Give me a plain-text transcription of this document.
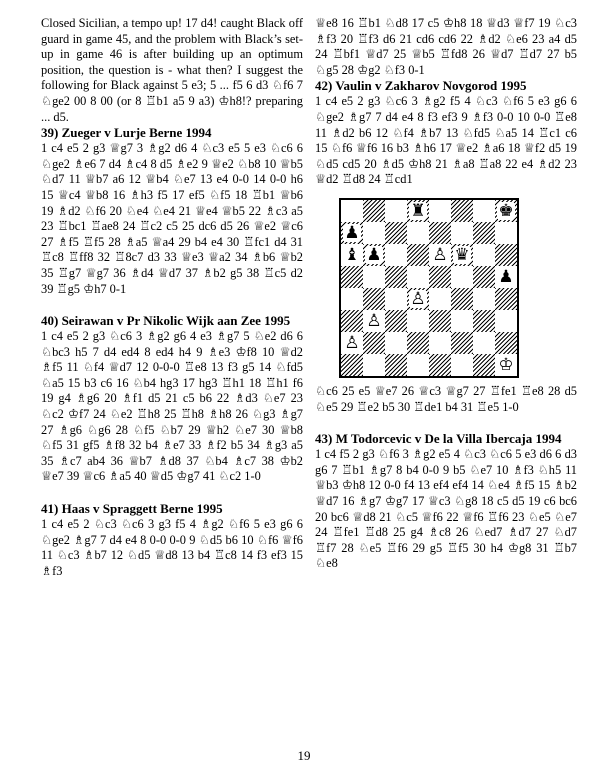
Closed Sicilian, a tempo up! 17 d4! caught Black off guard in game 45, and the problem with Black’s set-up in game 46 is after building up an optimum position, the question is - what then? I suggest the following for Black against 5 e3; 5 ... f5 6 d3 ♘f6 7 ♘ge2 00 8 00 (or 8 ♖b1 a5 9 a3) ♔h8!? preparing ... d5.

39) Zueger v Lurje Berne 1994

1 c4 e5 2 g3 ♕g7 3 ♗g2 d6 4 ♘c3 e5 5 e3 ♘c6 6 ♘ge2 ♗e6 7 d4 ♗c4 8 d5 ♗e2 9 ♕e2 ♘b8 10 ♕b5 ♘d7 11 ♕b7 a6 12 ♕b4 ♘e7 13 e4 0-0 14 0-0 h6 15 ♕c4 ♕b8 16 ♗h3 f5 17 ef5 ♘f5 18 ♖b1 ♕b6 19 ♗d2 ♘f6 20 ♘e4 ♘e4 21 ♕e4 ♕b5 22 ♗c3 a5 23 ♖bc1 ♖ae8 24 ♖c2 c5 25 dc6 d5 26 ♕e2 ♕c6 27 ♗f5 ♖f5 28 ♗a5 ♕a4 29 b4 e4 30 ♖fc1 d4 31 ♖c8 ♖ff8 32 ♖8c7 d3 33 ♕e3 ♕a2 34 ♗b6 ♕b2 35 ♖g7 ♕g7 36 ♗d4 ♕d7 37 ♗b2 g5 38 ♖c5 d2 39 ♖g5 ♔h7 0-1

40) Seirawan v Pr Nikolic Wijk aan Zee 1995

1 c4 e5 2 g3 ♘c6 3 ♗g2 g6 4 e3 ♗g7 5 ♘e2 d6 6 ♘bc3 h5 7 d4 ed4 8 ed4 h4 9 ♗e3 ♔f8 10 ♕d2 ♗f5 11 ♘f4 ♕d7 12 0-0-0 ♖e8 13 f3 g5 14 ♘fd5 ♘a5 15 b3 c6 16 ♘b4 hg3 17 hg3 ♖h1 18 ♖h1 f6 19 g4 ♗g6 20 ♗f1 d5 21 c5 b6 22 ♗d3 ♘e7 23 ♘c2 ♔f7 24 ♘e2 ♖h8 25 ♖h8 ♗h8 26 ♘g3 ♗g7 27 ♗g6 ♘g6 28 ♘f5 ♘b7 29 ♕h2 ♘e7 30 ♕b8 ♘f5 31 gf5 ♗f8 32 b4 ♗e7 33 ♗f2 b5 34 ♗g3 a5 35 ♗c7 ab4 36 ♕b7 ♗d8 37 ♘b4 ♗c7 38 ♔b2 ♕e7 39 ♕c6 ♗a5 40 ♕d5 ♔g7 41 ♘c2 1-0

41) Haas v Spraggett Berne 1995

1 c4 e5 2 ♘c3 ♘c6 3 g3 f5 4 ♗g2 ♘f6 5 e3 g6 6 ♘ge2 ♗g7 7 d4 e4 8 0-0 0-0 9 ♘d5 b6 10 ♘f6 ♕f6 11 ♘c3 ♗b7 12 ♘d5 ♕d8 13 b4 ♖c8 14 f3 ef3 15 ♗f3

♕e8 16 ♖b1 ♘d8 17 c5 ♔h8 18 ♕d3 ♕f7 19 ♘c3 ♗f3 20 ♖f3 d6 21 cd6 cd6 22 ♗d2 ♘e6 23 a4 d5 24 ♖bf1 ♕d7 25 ♕b5 ♖fd8 26 ♕d7 ♖d7 27 b5 ♘g5 28 ♔g2 ♘f3 0-1

42) Vaulin v Zakharov Novgorod 1995

1 c4 e5 2 g3 ♘c6 3 ♗g2 f5 4 ♘c3 ♘f6 5 e3 g6 6 ♘ge2 ♗g7 7 d4 e4 8 f3 ef3 9 ♗f3 0-0 10 0-0 ♖e8 11 ♗d2 b6 12 ♘f4 ♗b7 13 ♘fd5 ♘a5 14 ♖c1 c6 15 ♘f6 ♕f6 16 b3 ♗h6 17 ♕e2 ♗a6 18 ♕f2 d5 19 ♘d5 cd5 20 ♗d5 ♔h8 21 ♗a8 ♖a8 22 e4 ♗d2 23 ♕d2 ♖d8 24 ♖cd1

♜	♚
♟
♝ ♟	♙ ♛
♟
♙
♙
♙
♔

♘c6 25 e5 ♕e7 26 ♕c3 ♕g7 27 ♖fe1 ♖e8 28 d5 ♘e5 29 ♖e2 b5 30 ♖de1 b4 31 ♖e5 1-0

43) M Todorcevic v De la Villa Ibercaja 1994

1 c4 f5 2 g3 ♘f6 3 ♗g2 e5 4 ♘c3 ♘c6 5 e3 d6 6 d3 g6 7 ♖b1 ♗g7 8 b4 0-0 9 b5 ♘e7 10 ♗f3 ♘h5 11 ♕b3 ♔h8 12 0-0 f4 13 ef4 ef4 14 ♘e4 ♗f5 15 ♗b2 ♕d7 16 ♗g7 ♔g7 17 ♕c3 ♘g8 18 c5 d5 19 c6 bc6 20 bc6 ♕d8 21 ♘c5 ♕f6 22 ♕f6 ♖f6 23 ♘e5 ♘e7 24 ♖fe1 ♖d8 25 g4 ♗c8 26 ♘ed7 ♗d7 27 ♘d7 ♖f7 28 ♘e5 ♖f6 29 g5 ♖f5 30 h4 ♔g8 31 ♖b7 ♘e8

19
